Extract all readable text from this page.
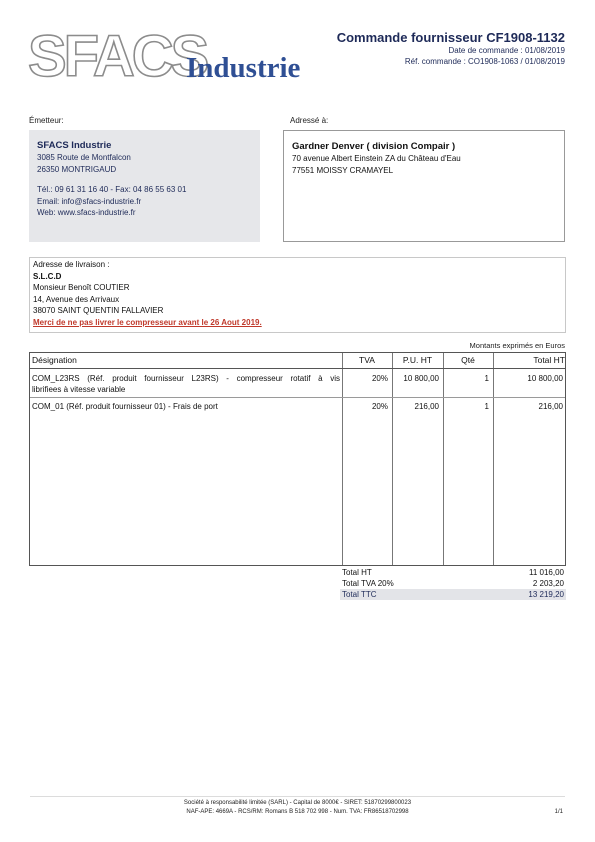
SFACS
Industrie
Commande fournisseur CF1908-1132
Date de commande : 01/08/2019
Réf. commande : CO1908-1063 / 01/08/2019
Émetteur:
SFACS Industrie
3085 Route de Montfalcon
26350 MONTRIGAUD
Tél.: 09 61 31 16 40 - Fax: 04 86 55 63 01
Email: info@sfacs-industrie.fr
Web: www.sfacs-industrie.fr
Adressé à:
Gardner Denver ( division Compair )
70 avenue Albert Einstein ZA du Château d'Eau
77551 MOISSY CRAMAYEL
Adresse de livraison :
S.L.C.D
Monsieur Benoît COUTIER
14, Avenue des Arrivaux
38070 SAINT QUENTIN FALLAVIER
Merci de ne pas livrer le compresseur avant le 26 Aout 2019.
Montants exprimés en Euros
Désignation	TVA	P.U. HT	Qté	Total HT
COM_L23RS (Réf. produit fournisseur L23RS) - compresseur rotatif à vis
librifiees à vitesse variable
20%	10 800,00	1	10 800,00
COM_01 (Réf. produit fournisseur 01) - Frais de port	20%	216,00	1	216,00
Total HT	11 016,00
Total TVA 20%	2 203,20
Total TTC	13 219,20
Société à responsabilité limitée (SARL) - Capital de 8000€ - SIRET: 51870299800023
NAF-APE: 4669A - RCS/RM: Romans B 518 702 998 - Num. TVA: FR86518702998	1/1
